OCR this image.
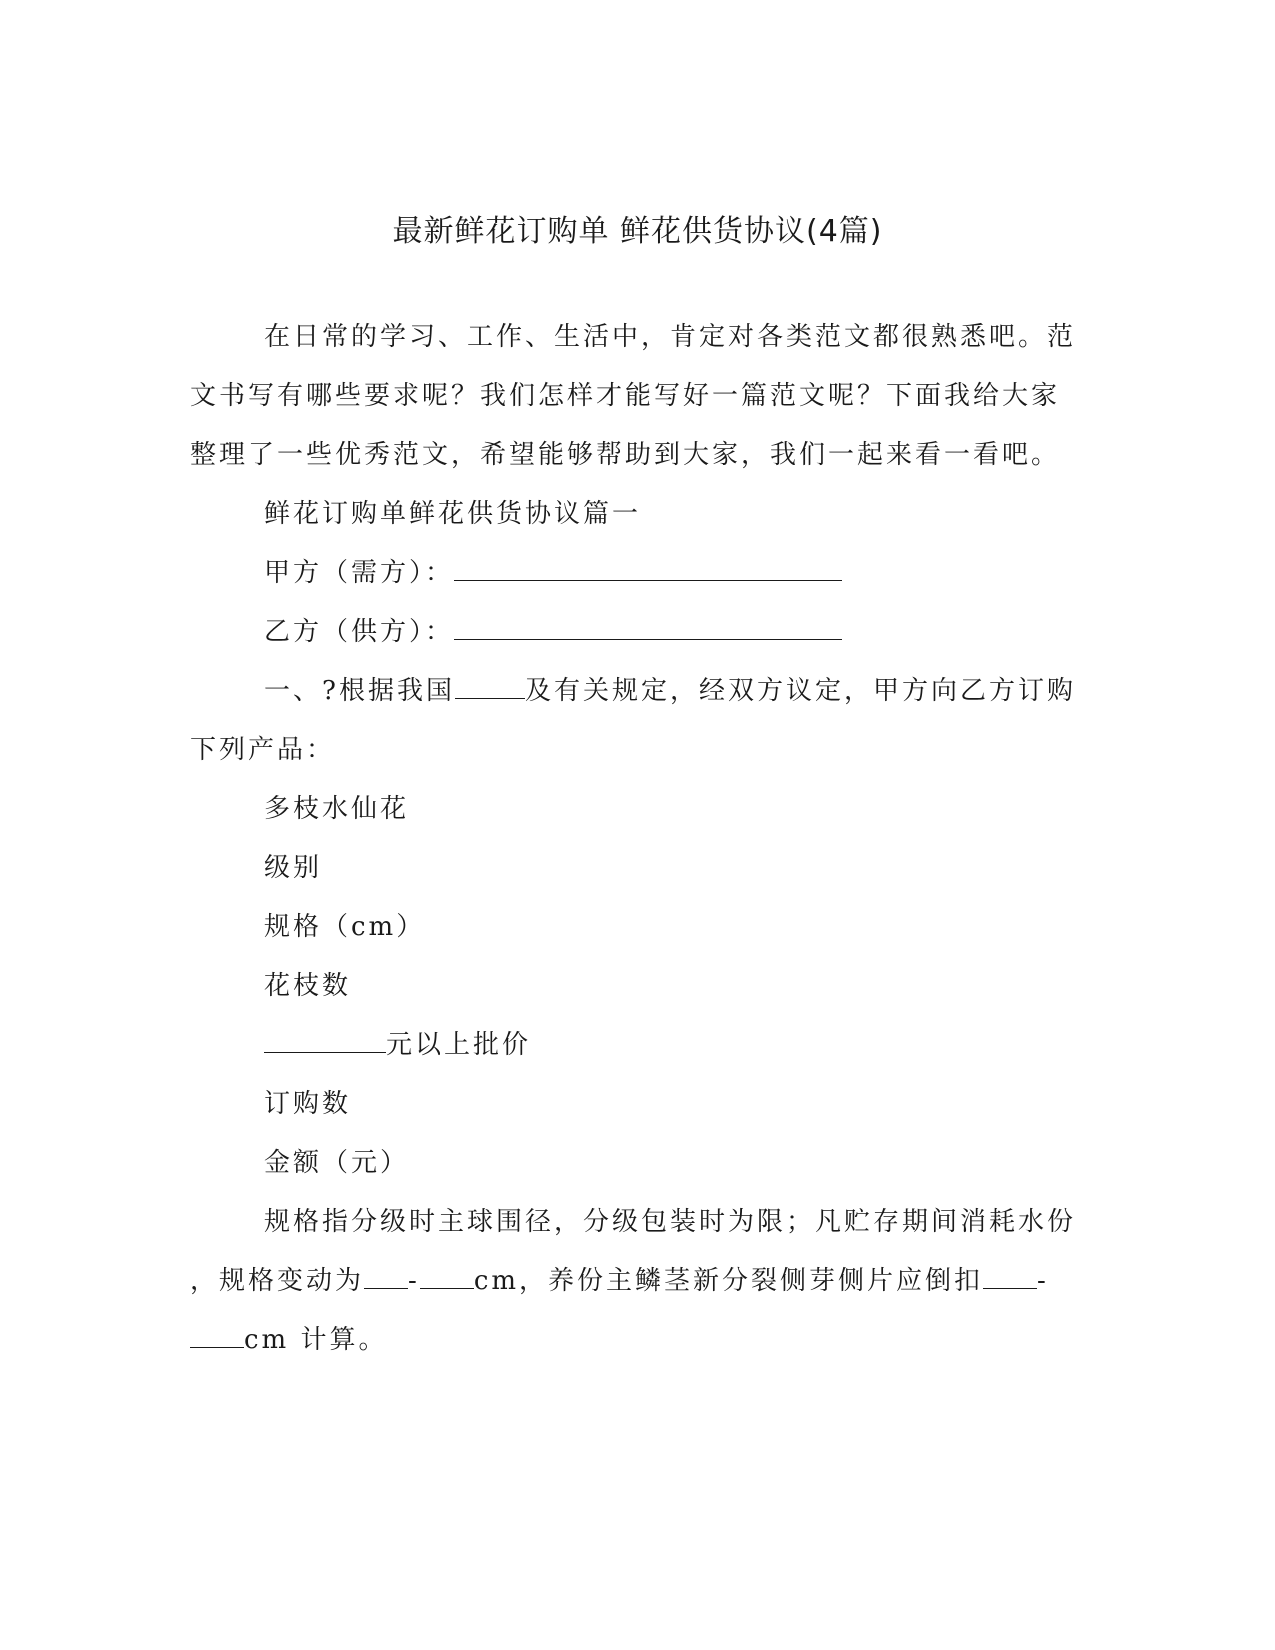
最新鲜花订购单 鲜花供货协议(4篇)
在日常的学习、工作、生活中，肯定对各类范文都很熟悉吧。范
文书写有哪些要求呢？我们怎样才能写好一篇范文呢？下面我给大家
整理了一些优秀范文，希望能够帮助到大家，我们一起来看一看吧。
鲜花订购单鲜花供货协议篇一
甲方（需方）：
乙方（供方）：
一、?根据我国	及有关规定，经双方议定，甲方向乙方订购
下列产品：
多枝水仙花
级别
规格（cm）
花枝数
元以上批价
订购数
金额（元）
规格指分级时主球围径，分级包装时为限；凡贮存期间消耗水份
，规格变动为 - cm，养份主鳞茎新分裂侧芽侧片应倒扣 -
cm 计算。
